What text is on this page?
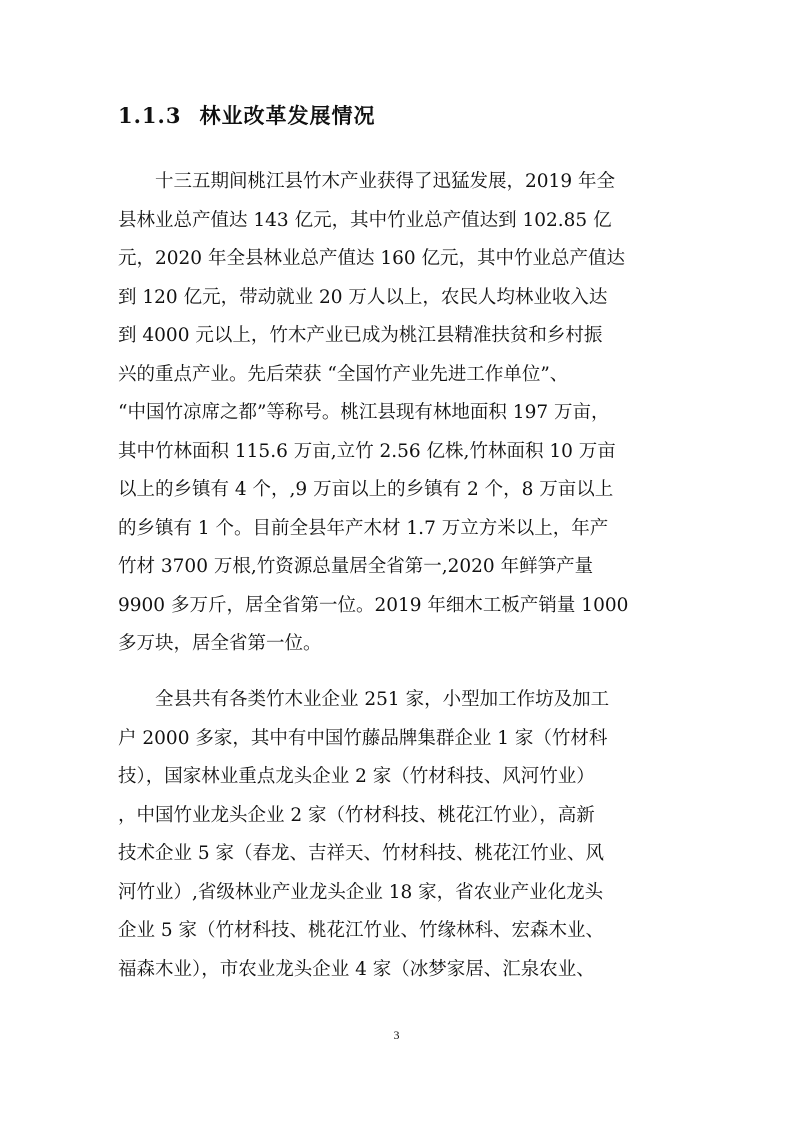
1.1.3 林业改革发展情况
十三五期间桃江县竹木产业获得了迅猛发展，2019 年全
县林业总产值达 143 亿元，其中竹业总产值达到 102.85 亿
元，2020 年全县林业总产值达 160 亿元，其中竹业总产值达
到 120 亿元，带动就业 20 万人以上，农民人均林业收入达
到 4000 元以上，竹木产业已成为桃江县精准扶贫和乡村振
兴的重点产业。先后荣获 “全国竹产业先进工作单位”、
“中国竹凉席之都”等称号。桃江县现有林地面积 197 万亩，
其中竹林面积 115.6 万亩,立竹 2.56 亿株,竹林面积 10 万亩
以上的乡镇有 4 个，,9 万亩以上的乡镇有 2 个，8 万亩以上
的乡镇有 1 个。目前全县年产木材 1.7 万立方米以上，年产
竹材 3700 万根,竹资源总量居全省第一,2020 年鲜笋产量
9900 多万斤，居全省第一位。2019 年细木工板产销量 1000
多万块，居全省第一位。
全县共有各类竹木业企业 251 家，小型加工作坊及加工
户 2000 多家，其中有中国竹藤品牌集群企业 1 家（竹材科
技），国家林业重点龙头企业 2 家（竹材科技、风河竹业）
，中国竹业龙头企业 2 家（竹材科技、桃花江竹业），高新
技术企业 5 家（春龙、吉祥天、竹材科技、桃花江竹业、风
河竹业）,省级林业产业龙头企业 18 家，省农业产业化龙头
企业 5 家（竹材科技、桃花江竹业、竹缘林科、宏森木业、
福森木业），市农业龙头企业 4 家（冰梦家居、汇泉农业、
3
